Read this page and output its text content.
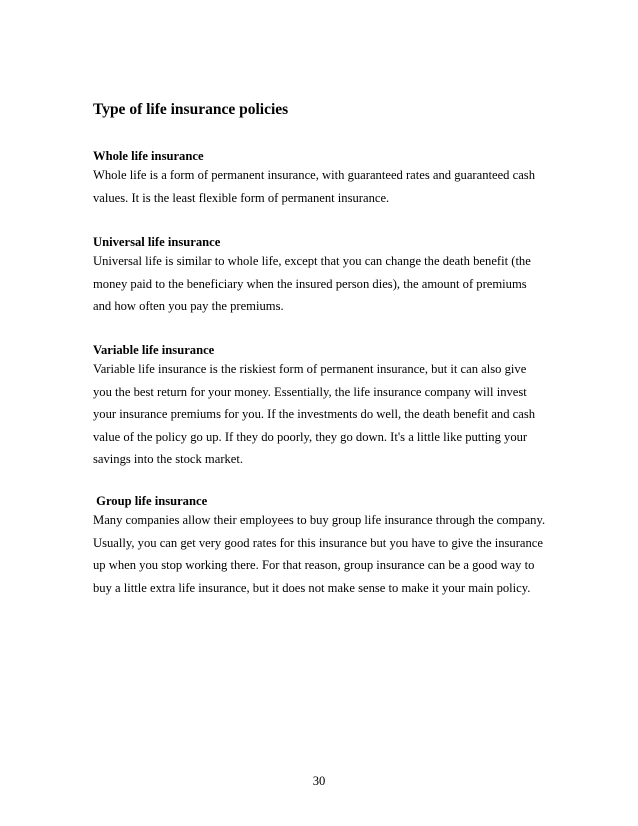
Type of life insurance policies
Whole life insurance

Whole life is a form of permanent insurance, with guaranteed rates and guaranteed cash
values. It is the least flexible form of permanent insurance.

Universal life insurance

Universal life is similar to whole life, except that you can change the death benefit (the
money paid to the beneficiary when the insured person dies), the amount of premiums
and how often you pay the premiums.

Variable life insurance

Variable life insurance is the riskiest form of permanent insurance, but it can also give
you the best return for your money. Essentially, the life insurance company will invest
your insurance premiums for you. If the investments do well, the death benefit and cash
value of the policy go up. If they do poorly, they go down. It's a little like putting your
savings into the stock market.

Group life insurance

Many companies allow their employees to buy group life insurance through the company.
Usually, you can get very good rates for this insurance but you have to give the insurance
up when you stop working there. For that reason, group insurance can be a good way to
buy a little extra life insurance, but it does not make sense to make it your main policy.

30
